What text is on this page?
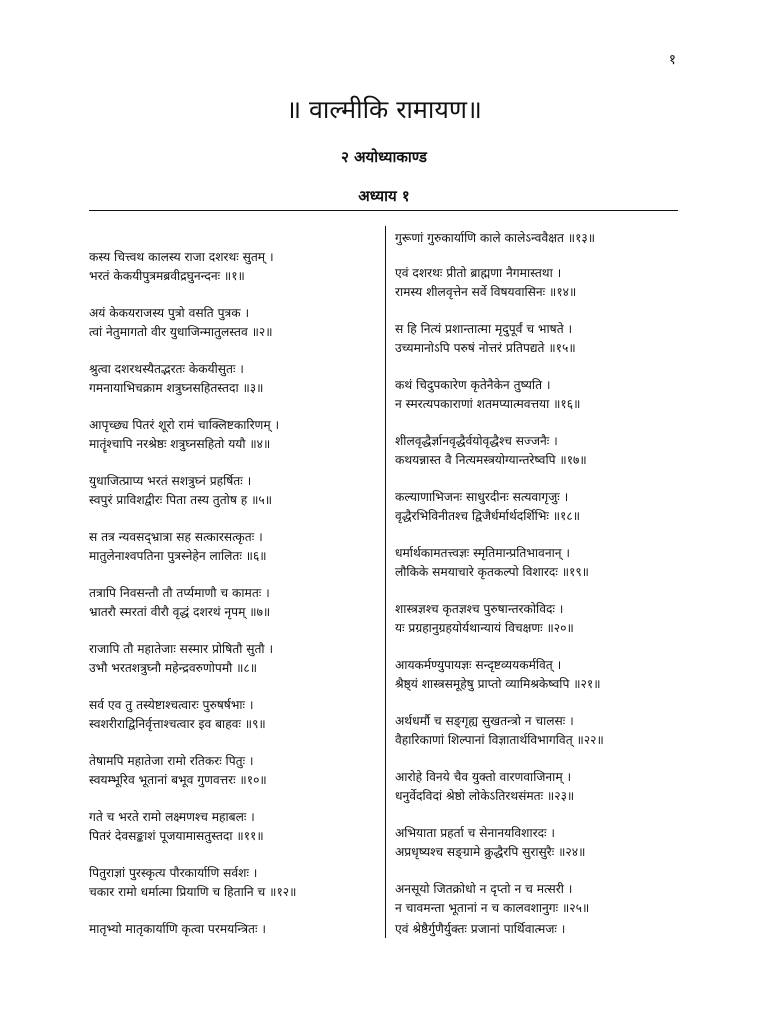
१
॥ वाल्मीकि रामायण॥
२ अयोध्याकाण्ड
अध्याय १
कस्य चित्त्वथ कालस्य राजा दशरथः सुतम् ।
भरतं केकयीपुत्रमब्रवीद्रघुनन्दनः ॥१॥
अयं केकयराजस्य पुत्रो वसति पुत्रक ।
त्वां नेतुमागतो वीर युधाजिन्मातुलस्तव ॥२॥
श्रुत्वा दशरथस्यैतद्भरतः केकयीसुतः ।
गमनायाभिचक्राम शत्रुघ्नसहितस्तदा ॥३॥
आपृच्छ्य पितरं शूरो रामं चाक्लिष्टकारिणम् ।
मातॄंश्चापि नरश्रेष्ठः शत्रुघ्नसहितो ययौ ॥४॥
युधाजित्प्राप्य भरतं सशत्रुघ्नं प्रहर्षितः ।
स्वपुरं प्राविशद्वीरः पिता तस्य तुतोष ह ॥५॥
स तत्र न्यवसद्भ्रात्रा सह सत्कारसत्कृतः ।
मातुलेनाश्वपतिना पुत्रस्नेहेन लालितः ॥६॥
तत्रापि निवसन्तौ तौ तर्प्यमाणौ च कामतः ।
भ्रातरौ स्मरतां वीरौ वृद्धं दशरथं नृपम् ॥७॥
राजापि तौ महातेजाः सस्मार प्रोषितौ सुतौ ।
उभौ भरतशत्रुघ्नौ महेन्द्रवरुणोपमौ ॥८॥
सर्व एव तु तस्येष्टाश्चत्वारः पुरुषर्षभाः ।
स्वशरीराद्विनिर्वृत्ताश्चत्वार इव बाहवः ॥९॥
तेषामपि महातेजा रामो रतिकरः पितुः ।
स्वयम्भूरिव भूतानां बभूव गुणवत्तरः ॥१०॥
गते च भरते रामो लक्ष्मणश्च महाबलः ।
पितरं देवसङ्काशं पूजयामासतुस्तदा ॥११॥
पितुराज्ञां पुरस्कृत्य पौरकार्याणि सर्वशः ।
चकार रामो धर्मात्मा प्रियाणि च हितानि च ॥१२॥
मातृभ्यो मातृकार्याणि कृत्वा परमयन्त्रितः ।
गुरूणां गुरुकार्याणि काले कालेऽन्ववैक्षत ॥१३॥
एवं दशरथः प्रीतो ब्राह्मणा नैगमास्तथा ।
रामस्य शीलवृत्तेन सर्वे विषयवासिनः ॥१४॥
स हि नित्यं प्रशान्तात्मा मृदुपूर्वं च भाषते ।
उच्यमानोऽपि परुषं नोत्तरं प्रतिपद्यते ॥१५॥
कथं चिदुपकारेण कृतेनैकेन तुष्यति ।
न स्मरत्यपकाराणां शतमप्यात्मवत्तया ॥१६॥
शीलवृद्धैर्ज्ञानवृद्धैर्वयोवृद्धैश्च सज्जनैः ।
कथयन्नास्त वै नित्यमस्त्रयोग्यान्तरेष्वपि ॥१७॥
कल्याणाभिजनः साधुरदीनः सत्यवागृजुः ।
वृद्धैरभिविनीतश्च द्विजैर्धर्मार्थदर्शिभिः ॥१८॥
धर्मार्थकामतत्त्वज्ञः स्मृतिमान्प्रतिभावनान् ।
लौकिके समयाचारे कृतकल्पो विशारदः ॥१९॥
शास्त्रज्ञश्च कृतज्ञश्च पुरुषान्तरकोविदः ।
यः प्रग्रहानुग्रहयोर्यथान्यायं विचक्षणः ॥२०॥
आयकर्मण्युपायज्ञः सन्दृष्टव्ययकर्मवित् ।
श्रैष्ठ्यं शास्त्रसमूहेषु प्राप्तो व्यामिश्रकेष्वपि ॥२१॥
अर्थधर्मौ च सङ्गृह्य सुखतन्त्रो न चालसः ।
वैहारिकाणां शिल्पानां विज्ञातार्थविभागवित् ॥२२॥
आरोहे विनये चैव युक्तो वारणवाजिनाम् ।
धनुर्वेदविदां श्रेष्ठो लोकेऽतिरथसंमतः ॥२३॥
अभियाता प्रहर्ता च सेनानयविशारदः ।
अप्रधृष्यश्च सङ्ग्रामे क्रुद्धैरपि सुरासुरैः ॥२४॥
अनसूयो जितक्रोधो न दृप्तो न च मत्सरी ।
न चावमन्ता भूतानां न च कालवशानुगः ॥२५॥
एवं श्रेष्ठैर्गुणैर्युक्तः प्रजानां पार्थिवात्मजः ।
